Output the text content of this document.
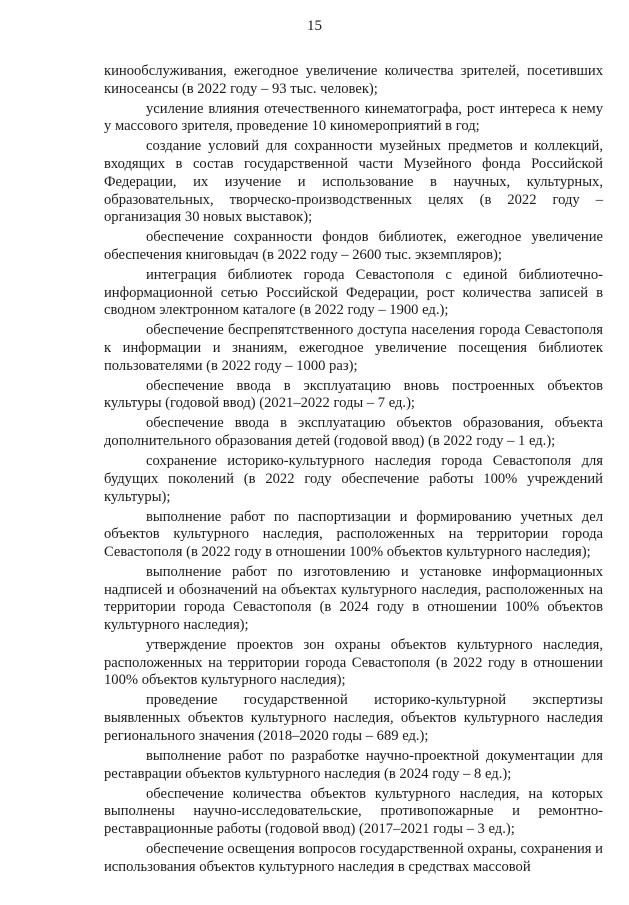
15

кинообслуживания, ежегодное увеличение количества зрителей, посетивших киносеансы (в 2022 году – 93 тыс. человек);

усиление влияния отечественного кинематографа, рост интереса к нему у массового зрителя, проведение 10 киномероприятий в год;

создание условий для сохранности музейных предметов и коллекций, входящих в состав государственной части Музейного фонда Российской Федерации, их изучение и использование в научных, культурных, образовательных, творческо-производственных целях (в 2022 году – организация 30 новых выставок);

обеспечение сохранности фондов библиотек, ежегодное увеличение обеспечения книговыдач (в 2022 году – 2600 тыс. экземпляров);

интеграция библиотек города Севастополя с единой библиотечно-информационной сетью Российской Федерации, рост количества записей в сводном электронном каталоге (в 2022 году – 1900 ед.);

обеспечение беспрепятственного доступа населения города Севастополя к информации и знаниям, ежегодное увеличение посещения библиотек пользователями (в 2022 году – 1000 раз);

обеспечение ввода в эксплуатацию вновь построенных объектов культуры (годовой ввод) (2021–2022 годы – 7 ед.);

обеспечение ввода в эксплуатацию объектов образования, объекта дополнительного образования детей (годовой ввод) (в 2022 году – 1 ед.);

сохранение историко-культурного наследия города Севастополя для будущих поколений (в 2022 году обеспечение работы 100% учреждений культуры);

выполнение работ по паспортизации и формированию учетных дел объектов культурного наследия, расположенных на территории города Севастополя (в 2022 году в отношении 100% объектов культурного наследия);

выполнение работ по изготовлению и установке информационных надписей и обозначений на объектах культурного наследия, расположенных на территории города Севастополя (в 2024 году в отношении 100% объектов культурного наследия);

утверждение проектов зон охраны объектов культурного наследия, расположенных на территории города Севастополя (в 2022 году в отношении 100% объектов культурного наследия);

проведение государственной историко-культурной экспертизы выявленных объектов культурного наследия, объектов культурного наследия регионального значения (2018–2020 годы – 689 ед.);

выполнение работ по разработке научно-проектной документации для реставрации объектов культурного наследия (в 2024 году – 8 ед.);

обеспечение количества объектов культурного наследия, на которых выполнены научно-исследовательские, противопожарные и ремонтно-реставрационные работы (годовой ввод) (2017–2021 годы – 3 ед.);

обеспечение освещения вопросов государственной охраны, сохранения и использования объектов культурного наследия в средствах массовой
